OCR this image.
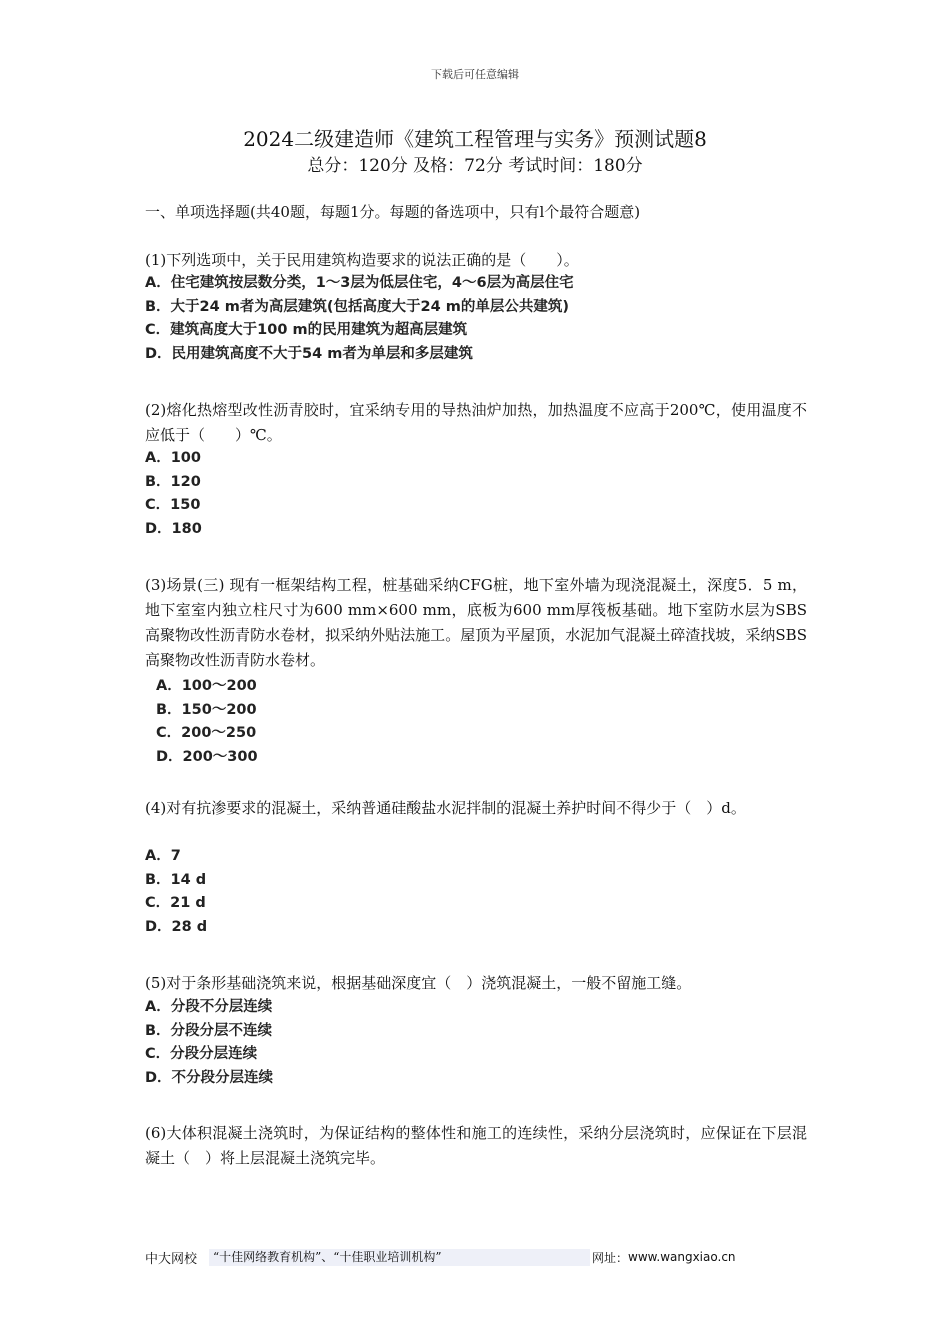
下载后可任意编辑
2024二级建造师《建筑工程管理与实务》预测试题8
总分：120分 及格：72分 考试时间：180分
一、单项选择题(共40题，每题1分。每题的备选项中，只有l个最符合题意)
(1)下列选项中，关于民用建筑构造要求的说法正确的是（　　）。
A．住宅建筑按层数分类，1～3层为低层住宅，4～6层为高层住宅
B．大于24 m者为高层建筑(包括高度大于24 m的单层公共建筑)
C．建筑高度大于100 m的民用建筑为超高层建筑
D．民用建筑高度不大于54 m者为单层和多层建筑
(2)熔化热熔型改性沥青胶时，宜采纳专用的导热油炉加热，加热温度不应高于200℃，使用温度不应低于（　　）℃。
A．100
B．120
C．150
D．180
(3)场景(三) 现有一框架结构工程，桩基础采纳CFG桩，地下室外墙为现浇混凝土，深度5．5 m，地下室室内独立柱尺寸为600 mm×600 mm，底板为600 mm厚筏板基础。地下室防水层为SBS高聚物改性沥青防水卷材，拟采纳外贴法施工。屋顶为平屋顶，水泥加气混凝土碎渣找坡，采纳SBS高聚物改性沥青防水卷材。
A．100～200
B．150～200
C．200～250
D．200～300
(4)对有抗渗要求的混凝土，采纳普通硅酸盐水泥拌制的混凝土养护时间不得少于（　）d。
A．7
B．14 d
C．21 d
D．28 d
(5)对于条形基础浇筑来说，根据基础深度宜（　）浇筑混凝土，一般不留施工缝。
A．分段不分层连续
B．分段分层不连续
C．分段分层连续
D．不分段分层连续
(6)大体积混凝土浇筑时，为保证结构的整体性和施工的连续性，采纳分层浇筑时，应保证在下层混凝土（　）将上层混凝土浇筑完毕。
中大网校	“十佳网络教育机构”、“十佳职业培训机构”	网址： www.wangxiao.cn
